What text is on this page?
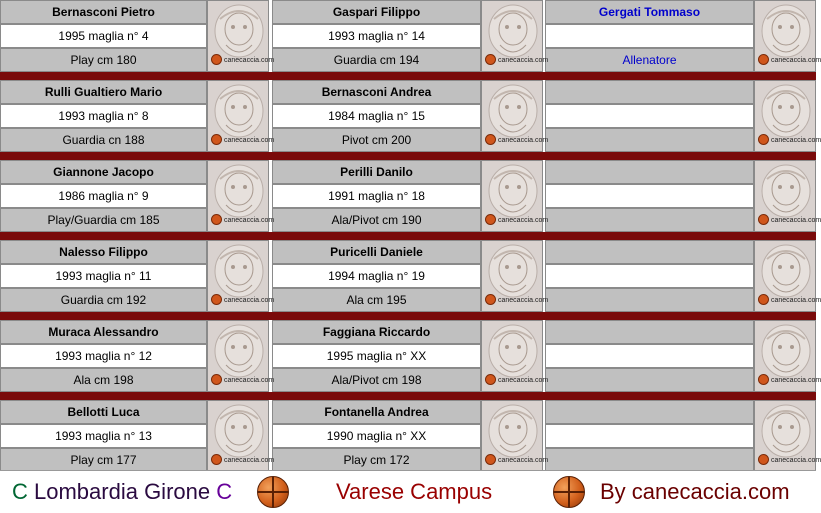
Bernasconi Pietro
1995 maglia n° 4
Play cm 180
Gaspari Filippo
1993 maglia n° 14
Guardia cm 194
Gergati Tommaso
Allenatore
canecaccia.com	canecaccia.com	canecaccia.com
Rulli Gualtiero Mario
1993 maglia n° 8
Guardia cn 188
Bernasconi Andrea
1984 maglia n° 15
Pivot cm 200
canecaccia.com	canecaccia.com	canecaccia.com
Giannone Jacopo
1986 maglia n° 9
Play/Guardia cm 185
Perilli Danilo
1991 maglia n° 18
Ala/Pivot cm 190
canecaccia.com	canecaccia.com	canecaccia.com
Nalesso Filippo
1993 maglia n° 11
Guardia cm 192
Puricelli Daniele
1994 maglia n° 19
Ala cm 195
canecaccia.com	canecaccia.com	canecaccia.com
Muraca Alessandro
1993 maglia n° 12
Ala cm 198
Faggiana Riccardo
1995 maglia n° XX
Ala/Pivot cm 198
canecaccia.com	canecaccia.com	canecaccia.com
Bellotti Luca
1993 maglia n° 13
Play cm 177
Fontanella Andrea
1990 maglia n° XX
Play cm 172
canecaccia.com	canecaccia.com	canecaccia.com
C Lombardia Girone C	Varese Campus	By canecaccia.com
